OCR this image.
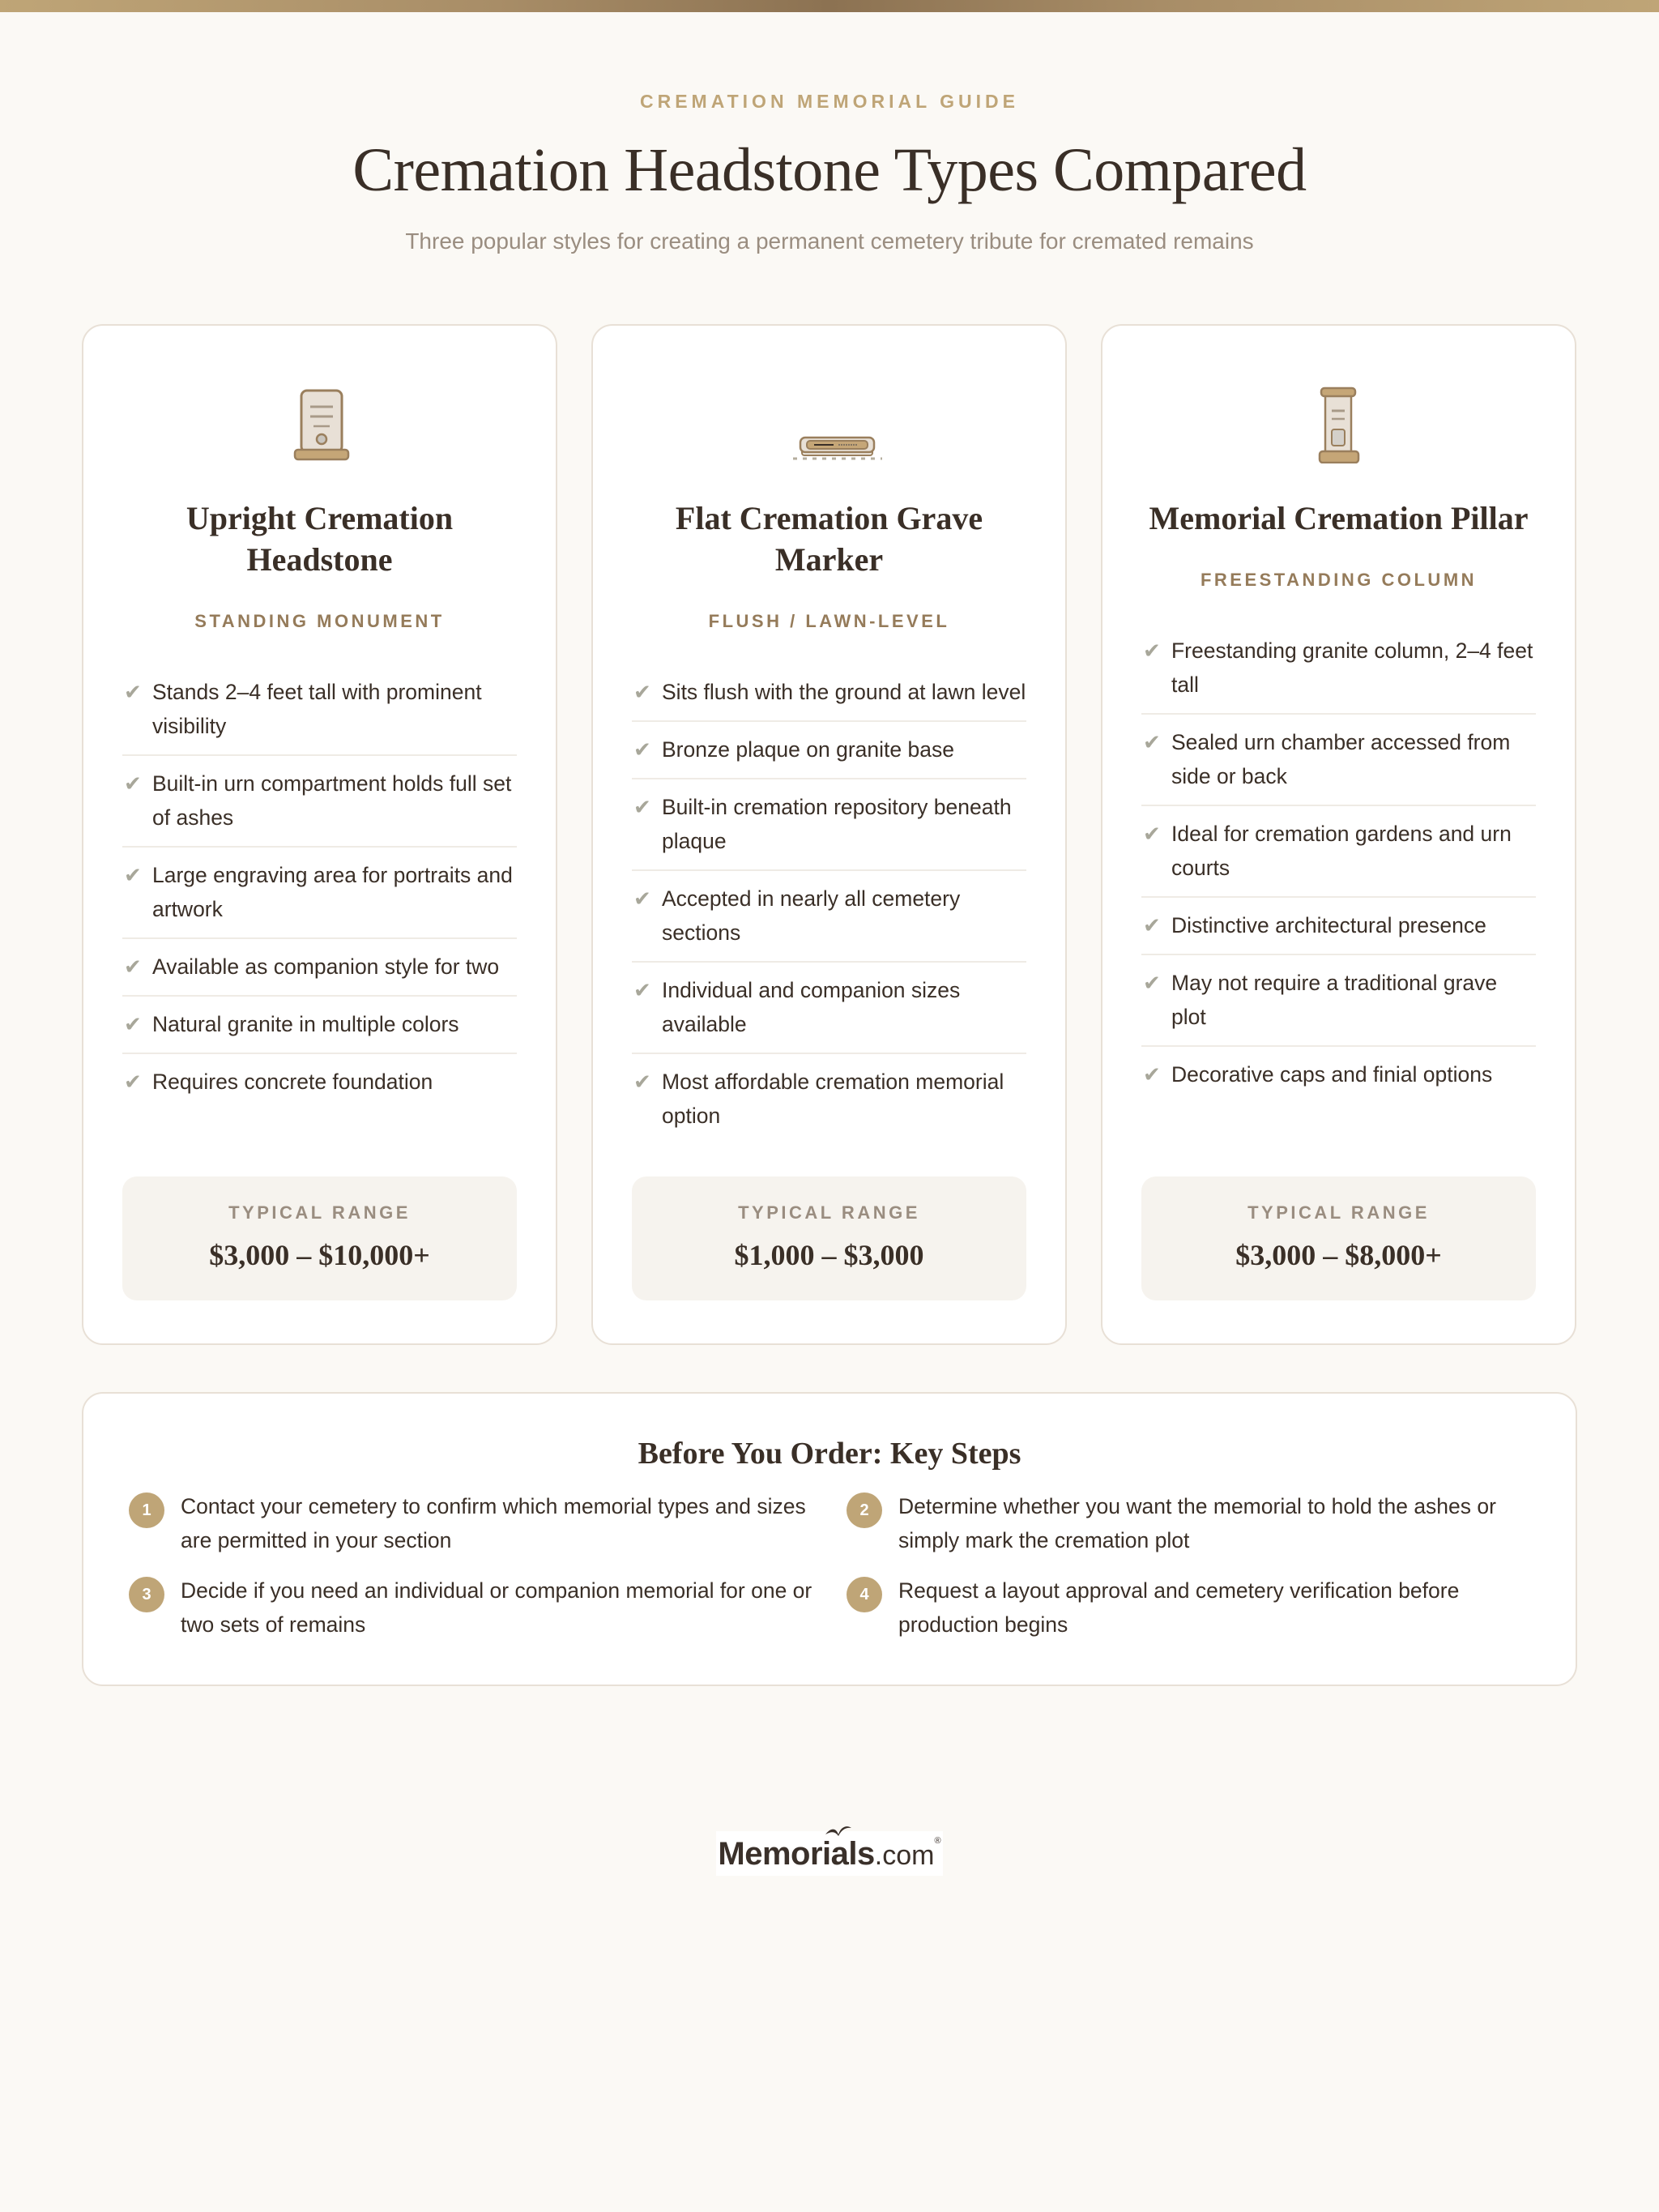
CREMATION MEMORIAL GUIDE
Cremation Headstone Types Compared

Three popular styles for creating a permanent cemetery tribute for cremated remains

Upright Cremation Headstone
STANDING MONUMENT
✔ Stands 2–4 feet tall with prominent visibility
✔ Built-in urn compartment holds full set of ashes
✔ Large engraving area for portraits and artwork
✔ Available as companion style for two
✔ Natural granite in multiple colors
✔ Requires concrete foundation
TYPICAL RANGE
$3,000 – $10,000+
Flat Cremation Grave Marker
FLUSH / LAWN-LEVEL
✔ Sits flush with the ground at lawn level
✔ Bronze plaque on granite base
✔ Built-in cremation repository beneath plaque
✔ Accepted in nearly all cemetery sections
✔ Individual and companion sizes available
✔ Most affordable cremation memorial option
TYPICAL RANGE
$1,000 – $3,000
Memorial Cremation Pillar
FREESTANDING COLUMN
✔ Freestanding granite column, 2–4 feet tall
✔ Sealed urn chamber accessed from side or back
✔ Ideal for cremation gardens and urn courts
✔ Distinctive architectural presence
✔ May not require a traditional grave plot
✔ Decorative caps and finial options
TYPICAL RANGE
$3,000 – $8,000+
Before You Order: Key Steps
1	Contact your cemetery to confirm which memorial types and sizes are permitted in your section
2	Determine whether you want the memorial to hold the ashes or simply mark the cremation plot
3	Decide if you need an individual or companion memorial for one or two sets of remains
4	Request a layout approval and cemetery verification before production begins
Memorials.com®
